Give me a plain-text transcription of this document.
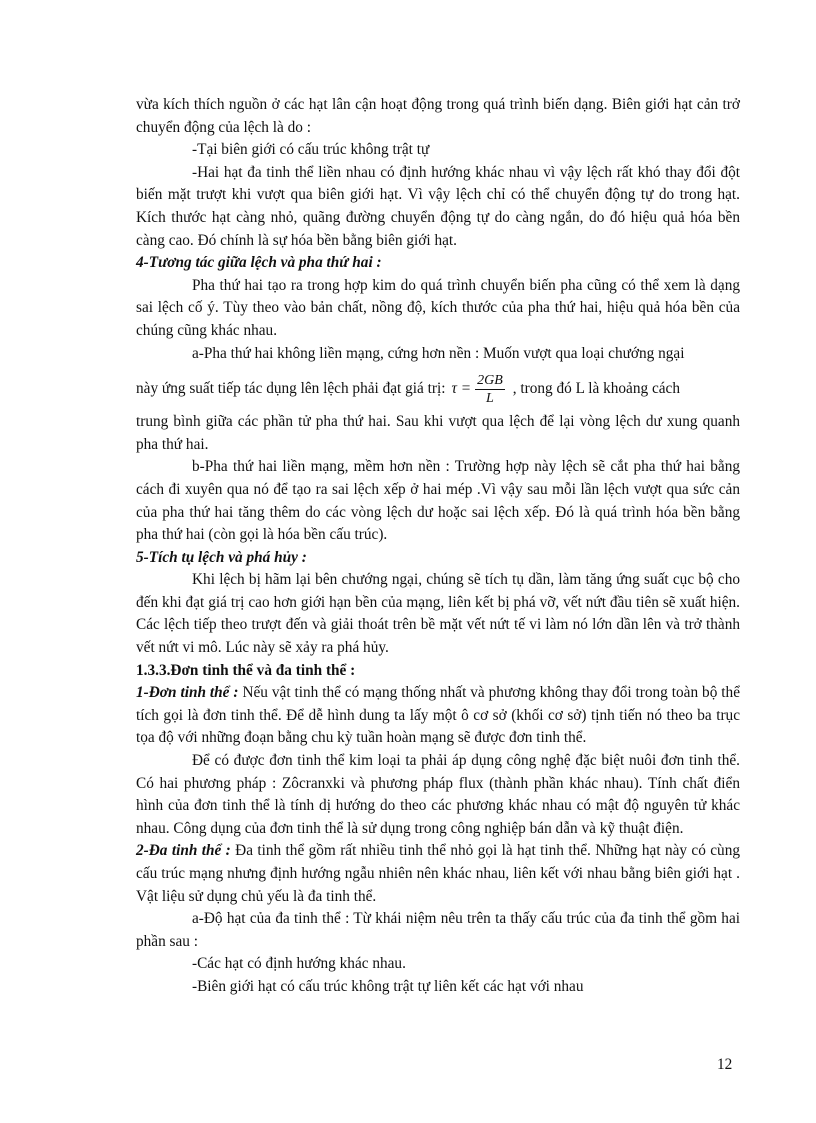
vừa kích thích nguồn ở các hạt lân cận hoạt động trong quá trình biến dạng. Biên giới hạt cản trở chuyển động của lệch là do :

-Tại biên giới có cấu trúc không trật tự

-Hai hạt đa tinh thể liền nhau có định hướng khác nhau vì vậy lệch rất khó thay đổi đột biến mặt trượt khi vượt qua biên giới hạt. Vì vậy lệch chỉ có thể chuyển động tự do trong hạt. Kích thước hạt càng nhỏ, quãng đường chuyển động tự do càng ngắn, do đó hiệu quả hóa bền càng cao. Đó chính là sự hóa bền bằng biên giới hạt.

4-Tương tác giữa lệch và pha thứ hai :

Pha thứ hai tạo ra trong hợp kim do quá trình chuyển biến pha cũng có thể xem là dạng sai lệch cố ý. Tùy theo vào bản chất, nồng độ, kích thước của pha thứ hai, hiệu quả hóa bền của chúng cũng khác nhau.

a-Pha thứ hai không liền mạng, cứng hơn nền : Muốn vượt qua loại chướng ngại

này ứng suất tiếp tác dụng lên lệch phải đạt giá trị: $\tau = \frac{2GB}{L}$ , trong đó L là khoảng cách

trung bình giữa các phần tử pha thứ hai. Sau khi vượt qua lệch để lại vòng lệch dư xung quanh pha thứ hai.

b-Pha thứ hai liền mạng, mềm hơn nền : Trường hợp này lệch sẽ cắt pha thứ hai bằng cách đi xuyên qua nó để tạo ra sai lệch xếp ở hai mép .Vì vậy sau mỗi lần lệch vượt qua sức cản của pha thứ hai tăng thêm do các vòng lệch dư hoặc sai lệch xếp. Đó là quá trình hóa bền bằng pha thứ hai (còn gọi là hóa bền cấu trúc).

5-Tích tụ lệch và phá hủy :

Khi lệch bị hãm lại bên chướng ngại, chúng sẽ tích tụ dần, làm tăng ứng suất cục bộ cho đến khi đạt giá trị cao hơn giới hạn bền của mạng, liên kết bị phá vỡ, vết nứt đầu tiên sẽ xuất hiện. Các lệch tiếp theo trượt đến và giải thoát trên bề mặt vết nứt tế vi làm nó lớn dần lên và trở thành vết nứt vi mô. Lúc này sẽ xảy ra phá hủy.

1.3.3.Đơn tinh thể và đa tinh thể :

1-Đơn tinh thể : Nếu vật tinh thể có mạng thống nhất và phương không thay đổi trong toàn bộ thể tích gọi là đơn tinh thể. Để dễ hình dung ta lấy một ô cơ sở (khối cơ sở) tịnh tiến nó theo ba trục tọa độ với những đoạn bằng chu kỳ tuần hoàn mạng sẽ được đơn tinh thể.

Để có được đơn tinh thể kim loại ta phải áp dụng công nghệ đặc biệt nuôi đơn tinh thể. Có hai phương pháp : Zôcranxki và phương pháp flux (thành phần khác nhau). Tính chất điển hình của đơn tinh thể là tính dị hướng do theo các phương khác nhau có mật độ nguyên tử khác nhau. Công dụng của đơn tinh thể là sử dụng trong công nghiệp bán dẫn và kỹ thuật điện.

2-Đa tinh thể : Đa tinh thể gồm rất nhiều tinh thể nhỏ gọi là hạt tinh thể. Những hạt này có cùng cấu trúc mạng nhưng định hướng ngẫu nhiên nên khác nhau, liên kết với nhau bằng biên giới hạt . Vật liệu sử dụng chủ yếu là đa tinh thể.

a-Độ hạt của đa tinh thể : Từ khái niệm nêu trên ta thấy cấu trúc của đa tinh thể gồm hai phần sau :

-Các hạt có định hướng khác nhau.

-Biên giới hạt có cấu trúc không trật tự liên kết các hạt với nhau

12
